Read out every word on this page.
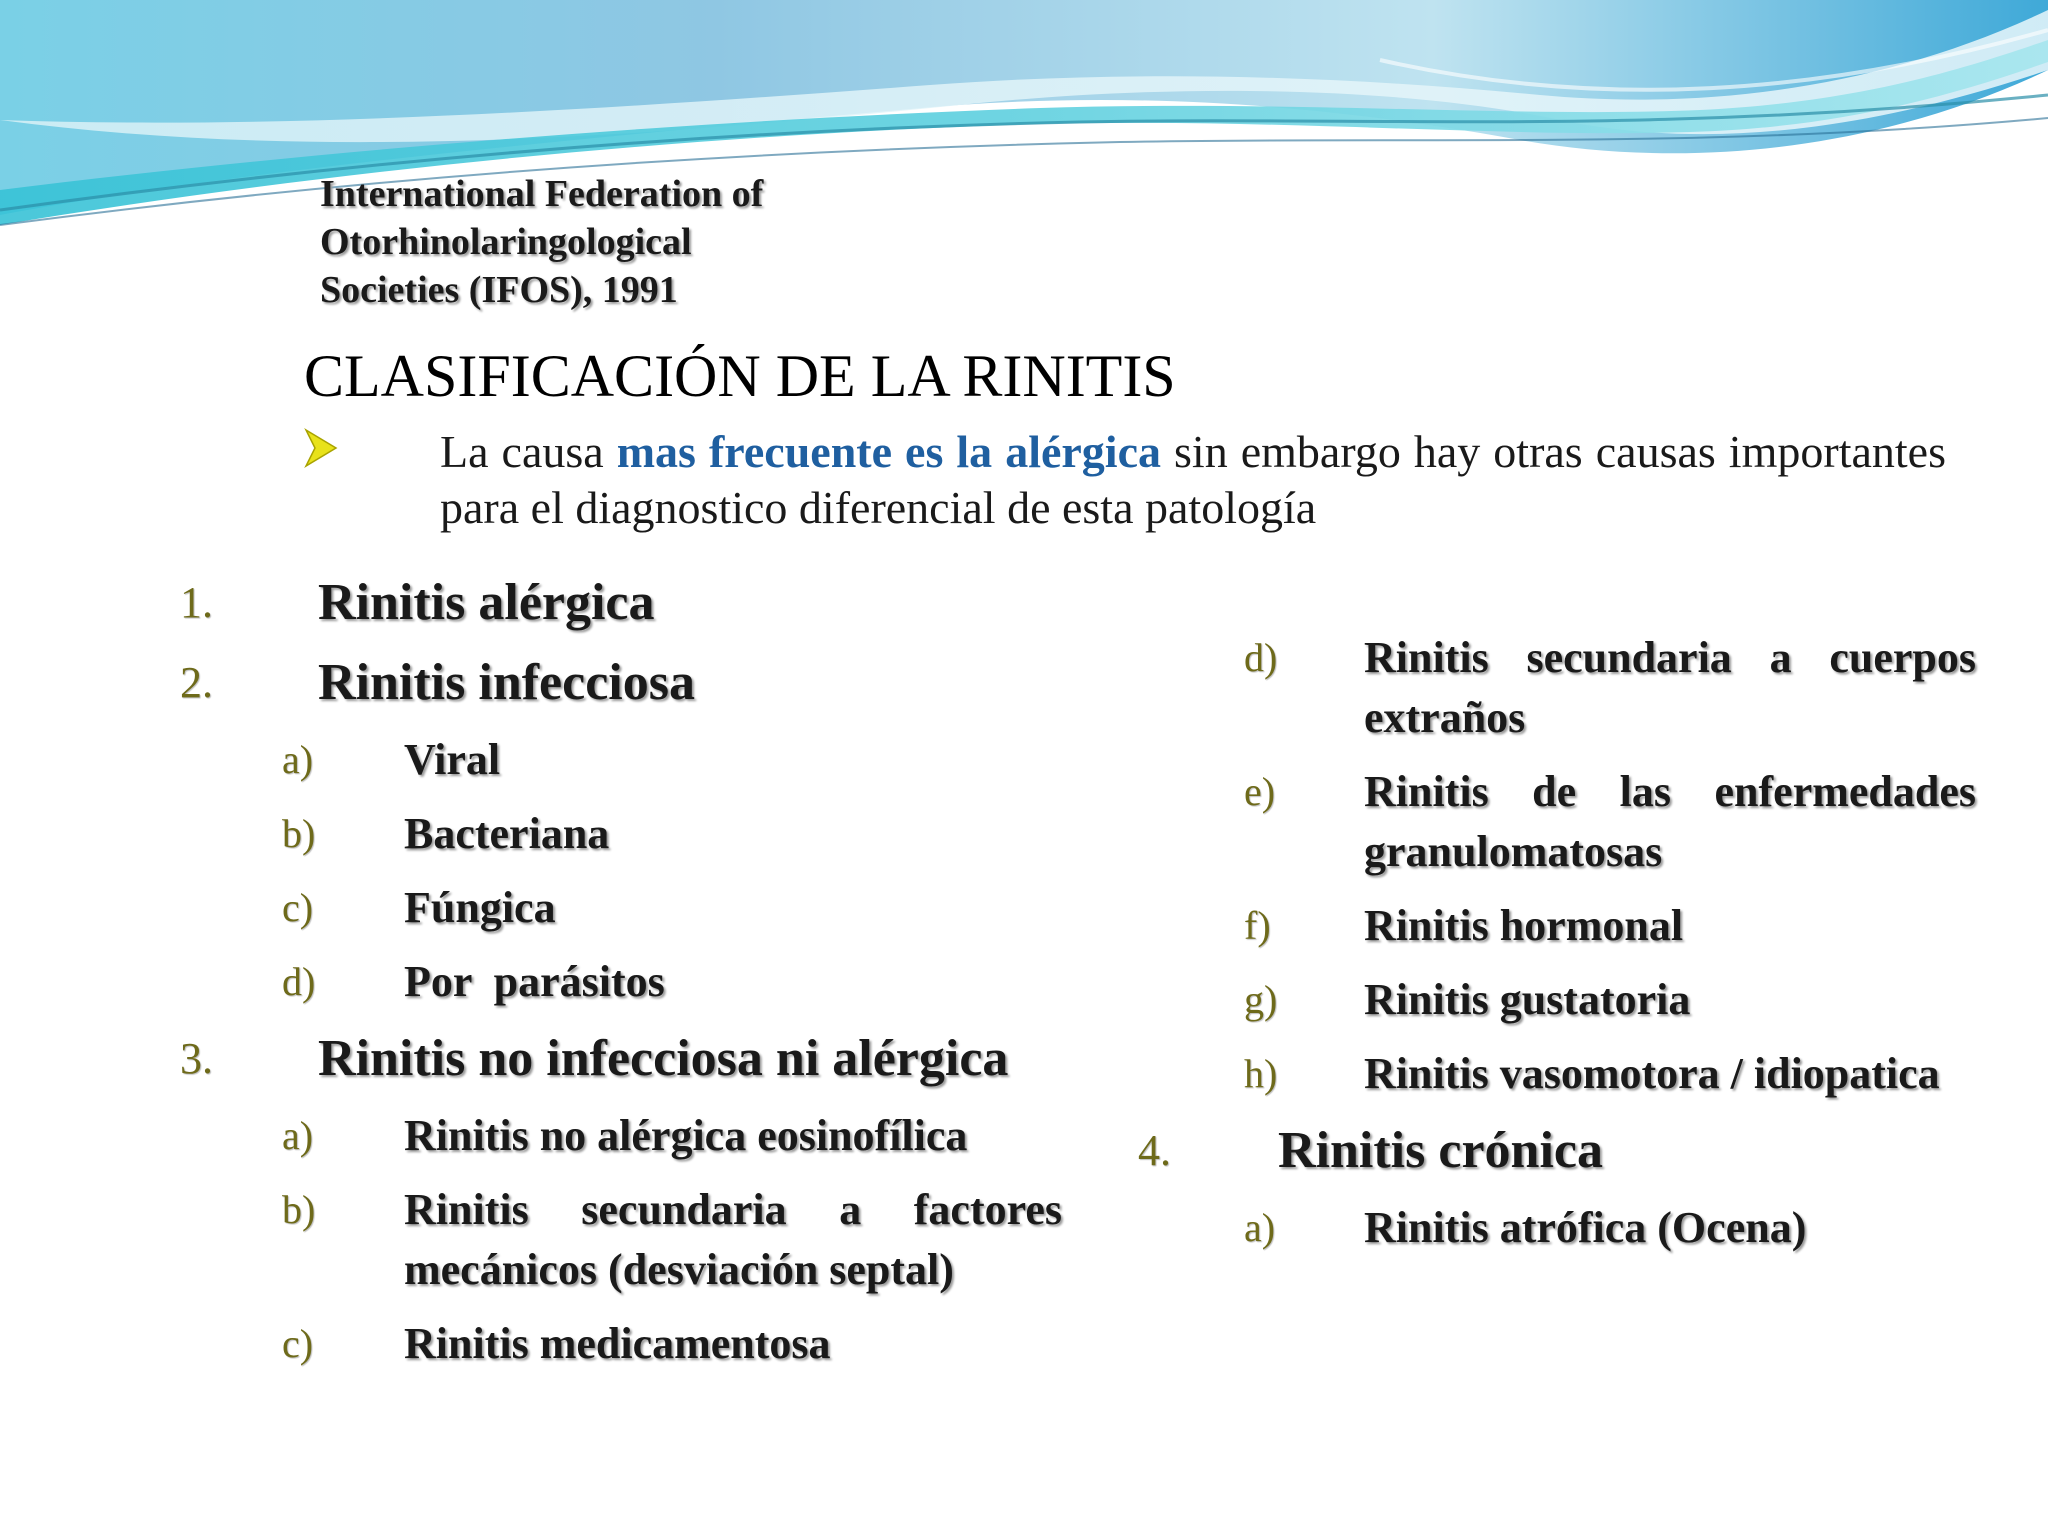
International Federation of
Otorhinolaringological
Societies (IFOS), 1991
CLASIFICACIÓN DE LA RINITIS
La causa mas frecuente es la alérgica sin embargo hay otras causas importantes para el diagnostico diferencial de esta patología
1. Rinitis alérgica
2. Rinitis infecciosa
a) Viral
b) Bacteriana
c) Fúngica
d) Por  parásitos
3. Rinitis no infecciosa ni alérgica
a) Rinitis no alérgica eosinofílica
b) Rinitis secundaria a factores mecánicos (desviación septal)
c) Rinitis medicamentosa
d) Rinitis secundaria a cuerpos extraños
e) Rinitis de las enfermedades granulomatosas
f) Rinitis hormonal
g) Rinitis gustatoria
h) Rinitis vasomotora / idiopatica
4. Rinitis crónica
a) Rinitis atrófica (Ocena)
